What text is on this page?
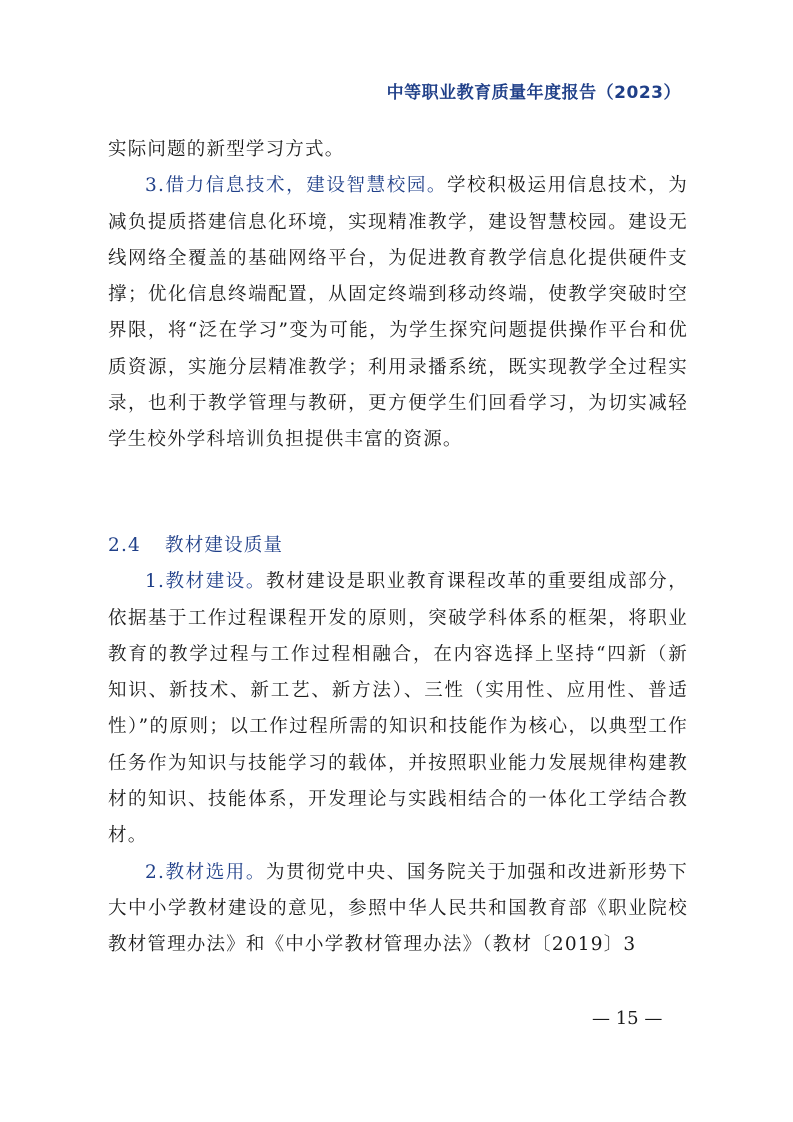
中等职业教育质量年度报告（2023）

实际问题的新型学习方式。

3.借力信息技术，建设智慧校园。学校积极运用信息技术，为减负提质搭建信息化环境，实现精准教学，建设智慧校园。建设无线网络全覆盖的基础网络平台，为促进教育教学信息化提供硬件支撑；优化信息终端配置，从固定终端到移动终端，使教学突破时空界限，将“泛在学习”变为可能，为学生探究问题提供操作平台和优质资源，实施分层精准教学；利用录播系统，既实现教学全过程实录，也利于教学管理与教研，更方便学生们回看学习，为切实减轻学生校外学科培训负担提供丰富的资源。

2.4 教材建设质量

1.教材建设。教材建设是职业教育课程改革的重要组成部分，依据基于工作过程课程开发的原则，突破学科体系的框架，将职业教育的教学过程与工作过程相融合，在内容选择上坚持“四新（新知识、新技术、新工艺、新方法）、三性（实用性、应用性、普适性）”的原则；以工作过程所需的知识和技能作为核心，以典型工作任务作为知识与技能学习的载体，并按照职业能力发展规律构建教材的知识、技能体系，开发理论与实践相结合的一体化工学结合教材。

2.教材选用。为贯彻党中央、国务院关于加强和改进新形势下大中小学教材建设的意见，参照中华人民共和国教育部《职业院校教材管理办法》和《中小学教材管理办法》（教材〔2019〕3

— 15 —
